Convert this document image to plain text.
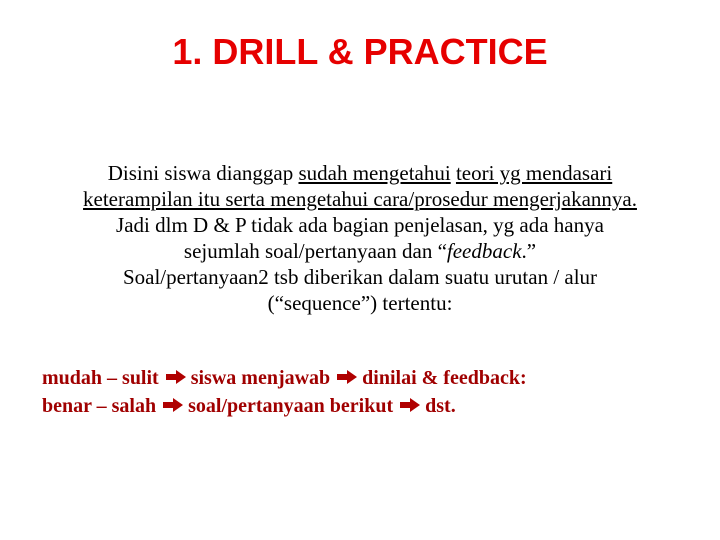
1. DRILL & PRACTICE
Disini siswa dianggap sudah mengetahui teori yg mendasari
keterampilan itu serta mengetahui cara/prosedur mengerjakannya.
Jadi dlm D & P tidak ada bagian penjelasan, yg ada hanya
sejumlah soal/pertanyaan dan “feedback.”
Soal/pertanyaan2 tsb diberikan dalam suatu urutan / alur
(“sequence”) tertentu:
mudah – sulit siswa menjawab dinilai & feedback:
benar – salah soal/pertanyaan berikut dst.
